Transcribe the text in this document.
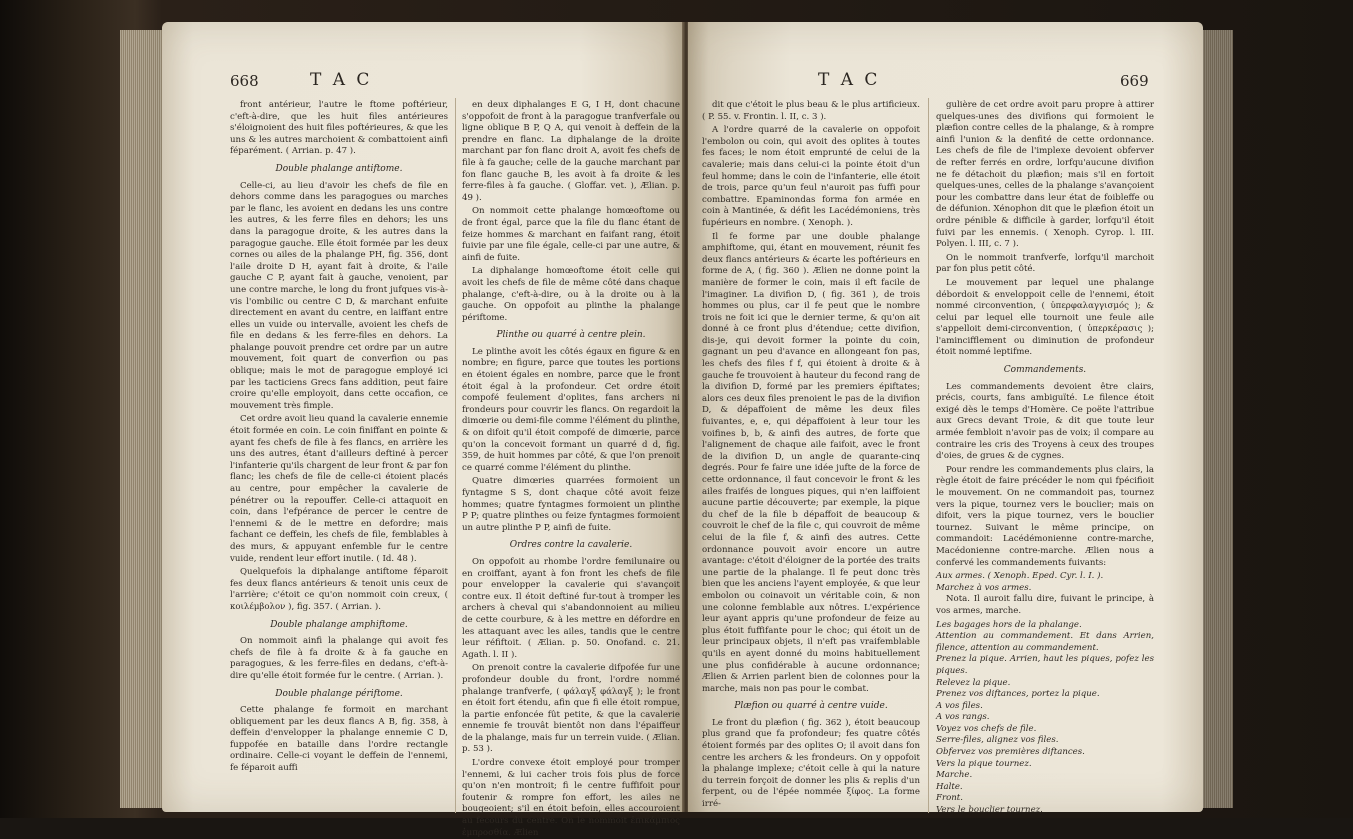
668	T A C

front antérieur, l'autre le ftome poftérieur, c'eft-à-dire, que les huit files antérieures s'éloignoient des huit files poftérieures, & que les uns & les autres marchoient & combattoient ainfi féparément. ( Arrian. p. 47 ).

Double phalange antiftome.

Celle-ci, au lieu d'avoir les chefs de file en dehors comme dans les paragogues ou marches par le flanc, les avoient en dedans les uns contre les autres, & les ferre files en dehors; les uns dans la paragogue droite, & les autres dans la paragogue gauche. Elle étoit formée par les deux cornes ou ailes de la phalange PH, fig. 356, dont l'aile droite D H, ayant fait à droite, & l'aile gauche C P, ayant fait à gauche, venoient, par une contre marche, le long du front jufques vis-à-vis l'ombilic ou centre C D, & marchant enfuite directement en avant du centre, en laiffant entre elles un vuide ou intervalle, avoient les chefs de file en dedans & les ferre-files en dehors. La phalange pouvoit prendre cet ordre par un autre mouvement, foit quart de converfion ou pas oblique; mais le mot de paragogue employé ici par les tacticiens Grecs fans addition, peut faire croire qu'elle employoit, dans cette occafion, ce mouvement très fimple.

Cet ordre avoit lieu quand la cavalerie ennemie étoit formée en coin. Le coin finiffant en pointe & ayant fes chefs de file à fes flancs, en arrière les uns des autres, étant d'ailleurs deftiné à percer l'infanterie qu'ils chargent de leur front & par fon flanc; les chefs de file de celle-ci étoient placés au centre, pour empêcher la cavalerie de pénétrer ou la repouffer. Celle-ci attaquoit en coin, dans l'efpérance de percer le centre de l'ennemi & de le mettre en defordre; mais fachant ce deffein, les chefs de file, femblables à des murs, & appuyant enfemble fur le centre vuide, rendent leur effort inutile. ( Id. 48 ).

Quelquefois la diphalange antiftome féparoit fes deux flancs antérieurs & tenoit unis ceux de l'arrière; c'étoit ce qu'on nommoit coin creux, ( κοιλέμβολον ), fig. 357. ( Arrian. ).

Double phalange amphiftome.

On nommoit ainfi la phalange qui avoit fes chefs de file à fa droite & à fa gauche en paragogues, & les ferre-files en dedans, c'eft-à-dire qu'elle étoit formée fur le centre. ( Arrian. ).

Double phalange périftome.

Cette phalange fe formoit en marchant obliquement par les deux flancs A B, fig. 358, à deffein d'envelopper la phalange ennemie C D, fuppofée en bataille dans l'ordre rectangle ordinaire. Celle-ci voyant le deffein de l'ennemi, fe féparoit auffi

en deux diphalanges E G, I H, dont chacune s'oppofoit de front à la paragogue tranfverfale ou ligne oblique B P, Q A, qui venoit à deffein de la prendre en flanc. La diphalange de la droite marchant par fon flanc droit A, avoit fes chefs de file à fa gauche; celle de la gauche marchant par fon flanc gauche B, les avoit à fa droite & les ferre-files à fa gauche. ( Gloffar. vet. ), Ælian. p. 49 ).

On nommoit cette phalange homœoftome ou de front égal, parce que la file du flanc étant de feize hommes & marchant en faifant rang, étoit fuivie par une file égale, celle-ci par une autre, & ainfi de fuite.

La diphalange homœoftome étoit celle qui avoit les chefs de file de même côté dans chaque phalange, c'eft-à-dire, ou à la droite ou à la gauche. On oppofoit au plinthe la phalange périftome.

Plinthe ou quarré à centre plein.

Le plinthe avoit les côtés égaux en figure & en nombre; en figure, parce que toutes les portions en étoient égales en nombre, parce que le front étoit égal à la profondeur. Cet ordre étoit compofé feulement d'oplites, fans archers ni frondeurs pour couvrir les flancs. On regardoit la dimœrie ou demi-file comme l'élément du plinthe, & on difoit qu'il étoit compofé de dimœrie, parce qu'on la concevoit formant un quarré d d, fig. 359, de huit hommes par côté, & que l'on prenoit ce quarré comme l'élément du plinthe.

Quatre dimœries quarrées formoient un fyntagme S S, dont chaque côté avoit feize hommes; quatre fyntagmes formoient un plinthe P P; quatre plinthes ou feize fyntagmes formoient un autre plinthe P P, ainfi de fuite.

Ordres contre la cavalerie.

On oppofoit au rhombe l'ordre femilunaire ou en croiffant, ayant à fon front les chefs de file pour envelopper la cavalerie qui s'avançoit contre eux. Il étoit deftiné fur-tout à tromper les archers à cheval qui s'abandonnoient au milieu de cette courbure, & à les mettre en défordre en les attaquant avec les ailes, tandis que le centre leur réfiftoit. ( Ælian. p. 50. Onofand. c. 21. Agath. l. II ).

On prenoit contre la cavalerie difpofée fur une profondeur double du front, l'ordre nommé phalange tranfverfe, ( φάλαγξ φάλαγξ ); le front en étoit fort étendu, afin que fi elle étoit rompue, la partie enfoncée fût petite, & que la cavalerie ennemie fe trouvât bientôt non dans l'épaiffeur de la phalange, mais fur un terrein vuide. ( Ælian. p. 53 ).

L'ordre convexe étoit employé pour tromper l'ennemi, & lui cacher trois fois plus de force qu'on n'en montroit; fi le centre fuffifoit pour foutenir & rompre fon effort, les ailes ne bougeoient; s'il en étoit befoin, elles accouroient au fecours du centre. On le nommoit ἐπικάμπιος ἐμπροσθία. Ælien

T A C	669

dit que c'étoit le plus beau & le plus artificieux. ( P. 55. v. Frontin. l. II, c. 3 ).

A l'ordre quarré de la cavalerie on oppofoit l'embolon ou coin, qui avoit des oplites à toutes fes faces; le nom étoit emprunté de celui de la cavalerie; mais dans celui-ci la pointe étoit d'un feul homme; dans le coin de l'infanterie, elle étoit de trois, parce qu'un feul n'auroit pas fuffi pour combattre. Epaminondas forma fon armée en coin à Mantinée, & défit les Lacédémoniens, très fupérieurs en nombre. ( Xenoph. ).

Il fe forme par une double phalange amphiftome, qui, étant en mouvement, réunit fes deux flancs antérieurs & écarte les poftérieurs en forme de A, ( fig. 360 ). Ælien ne donne point la manière de former le coin, mais il eft facile de l'imaginer. La divifion D, ( fig. 361 ), de trois hommes ou plus, car il fe peut que le nombre trois ne foit ici que le dernier terme, & qu'on ait donné à ce front plus d'étendue; cette divifion, dis-je, qui devoit former la pointe du coin, gagnant un peu d'avance en allongeant fon pas, les chefs des files f f, qui étoient à droite & à gauche fe trouvoient à hauteur du fecond rang de la divifion D, formé par les premiers épiftates; alors ces deux files prenoient le pas de la divifion D, & dépaffoient de même les deux files fuivantes, e, e, qui dépaffoient à leur tour les voifines b, b, & ainfi des autres, de forte que l'alignement de chaque aile faifoit, avec le front de la divifion D, un angle de quarante-cinq degrés. Pour fe faire une idée jufte de la force de cette ordonnance, il faut concevoir le front & les ailes fraifés de longues piques, qui n'en laiffoient aucune partie découverte; par exemple, la pique du chef de la file b dépaffoit de beaucoup & couvroit le chef de la file c, qui couvroit de même celui de la file f, & ainfi des autres. Cette ordonnance pouvoit avoir encore un autre avantage: c'étoit d'éloigner de la portée des traits une partie de la phalange. Il fe peut donc très bien que les anciens l'ayent employée, & que leur embolon ou coinavoit un véritable coin, & non une colonne femblable aux nôtres. L'expérience leur ayant appris qu'une profondeur de feize au plus étoit fuffifante pour le choc; qui étoit un de leur principaux objets, il n'eft pas vraifemblable qu'ils en ayent donné du moins habituellement une plus confidérable à aucune ordonnance; Ælien & Arrien parlent bien de colonnes pour la marche, mais non pas pour le combat.

Plæfion ou quarré à centre vuide.

Le front du plæfion ( fig. 362 ), étoit beaucoup plus grand que fa profondeur; fes quatre côtés étoient formés par des oplites O; il avoit dans fon centre les archers & les frondeurs. On y oppofoit la phalange implexe; c'étoit celle à qui la nature du terrein forçoit de donner les plis & replis d'un ferpent, ou de l'épée nommée ξίφος. La forme irré-

gulière de cet ordre avoit paru propre à attirer quelques-unes des divifions qui formoient le plæfion contre celles de la phalange, & à rompre ainfi l'union & la denfité de cette ordonnance. Les chefs de file de l'implexe devoient obferver de refter ferrés en ordre, lorfqu'aucune divifion ne fe détachoit du plæfion; mais s'il en fortoit quelques-unes, celles de la phalange s'avançoient pour les combattre dans leur état de foibleffe ou de défunion. Xénophon dit que le plæfion étoit un ordre pénible & difficile à garder, lorfqu'il étoit fuivi par les ennemis. ( Xenoph. Cyrop. l. III. Polyen. l. III, c. 7 ).

On le nommoit tranfverfe, lorfqu'il marchoit par fon plus petit côté.

Le mouvement par lequel une phalange débordoit & enveloppoit celle de l'ennemi, étoit nommé circonvention, ( ὑπερφαλαγγισμός ); & celui par lequel elle tournoit une feule aile s'appelloit demi-circonvention, ( ὑπερκέρασις ); l'amincifflement ou diminution de profondeur étoit nommé leptifme.

Commandements.

Les commandements devoient être clairs, précis, courts, fans ambiguïté. Le filence étoit exigé dès le temps d'Homère. Ce poëte l'attribue aux Grecs devant Troie, & dit que toute leur armée fembloit n'avoir pas de voix; il compare au contraire les cris des Troyens à ceux des troupes d'oies, de grues & de cygnes.

Pour rendre les commandements plus clairs, la règle étoit de faire précéder le nom qui fpécifioit le mouvement. On ne commandoit pas, tournez vers la pique, tournez vers le bouclier; mais on difoit, vers la pique tournez, vers le bouclier tournez. Suivant le même principe, on commandoit: Lacédémonienne contre-marche, Macédonienne contre-marche. Ælien nous a confervé les commandements fuivants:

Aux armes. ( Xenoph. Eped. Cyr. l. I. ).

Marchez à vos armes.

Nota. Il auroit fallu dire, fuivant le principe, à vos armes, marche.

Les bagages hors de la phalange.

Attention au commandement. Et dans Arrien, filence, attention au commandement.

Prenez la pique. Arrien, haut les piques, pofez les piques.

Relevez la pique.

Prenez vos diftances, portez la pique.

A vos files.

A vos rangs.

Voyez vos chefs de file.

Serre-files, alignez vos files.

Obfervez vos premières diftances.

Vers la pique tournez.

Marche.

Halte.

Front.

Vers le bouclier tournez.
